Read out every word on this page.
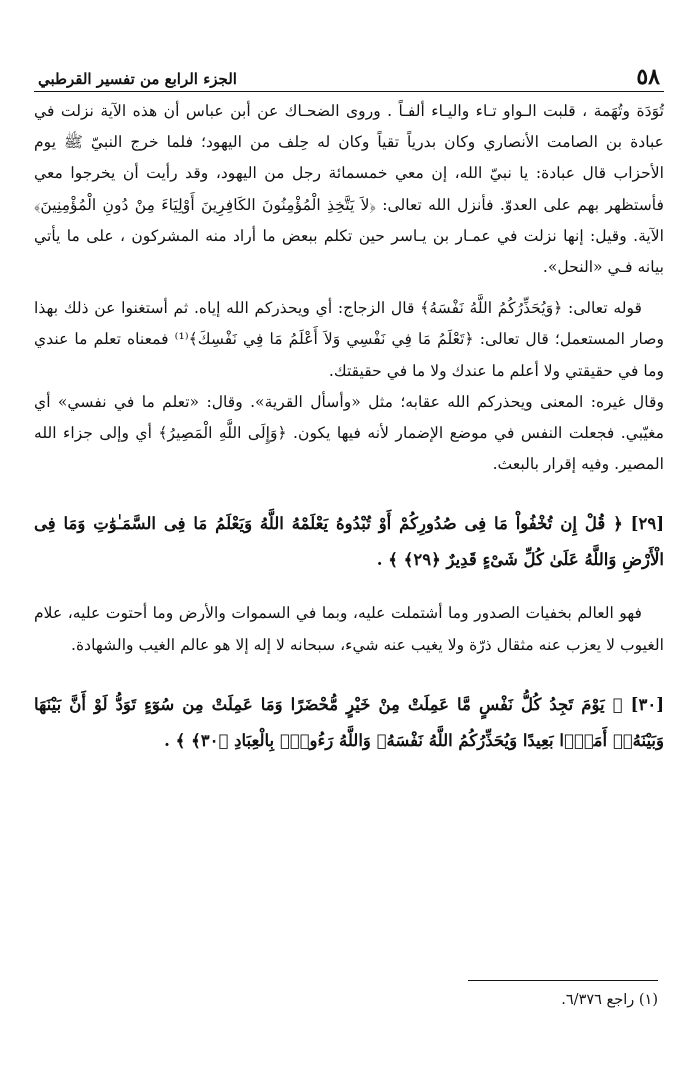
٥٨
الجزء الرابع من تفسير القرطبي

تُوَدَة وتُهَمة ، قلبت الـواو تـاء واليـاء ألفـاً . وروى الضحـاك عن أبن عباس أن هذه الآية نزلت في عبادة بن الصامت الأنصاري وكان بدرياً تقياً وكان له حِلف من اليهود؛ فلما خرج النبيّ ﷺ يوم الأحزاب قال عبادة: يا نبيّ الله، إن معي خمسمائة رجل من اليهود، وقد رأيت أن يخرجوا معي فأستظهر بهم على العدوّ. فأنزل الله تعالى: ﴿لاَ يَتَّخِذِ الْمُؤْمِنُونَ الكَافِرِينَ أَوْلِيَاءَ مِنْ دُونِ الْمُؤْمِنِينَ﴾ الآية. وقيل: إنها نزلت في عمـار بن يـاسر حين تكلم ببعض ما أراد منه المشركون ، على ما يأتي بيانه فـي «النحل».

قوله تعالى: ﴿وَيُحَذِّرُكُمُ اللَّهُ نَفْسَهُ﴾ قال الزجاج: أي ويحذركم الله إياه. ثم أستغنوا عن ذلك بهذا وصار المستعمل؛ قال تعالى: ﴿تَعْلَمُ مَا فِي نَفْسِي وَلاَ أَعْلَمُ مَا فِي نَفْسِكَ﴾⁽¹⁾ فمعناه تعلم ما عندي وما في حقيقتي ولا أعلم ما عندك ولا ما في حقيقتك.

وقال غيره: المعنى ويحذركم الله عقابه؛ مثل «وأسأل القرية». وقال: «تعلم ما في نفسي» أي مغيّبي. فجعلت النفس في موضع الإضمار لأنه فيها يكون. ﴿وَإِلَى اللَّهِ الْمَصِيرُ﴾ أي وإلى جزاء الله المصير. وفيه إقرار بالبعث.

[٢٩] ﴿ قُلْ إِن تُخْفُواْ مَا فِى صُدُورِكُمْ أَوْ تُبْدُوهُ يَعْلَمْهُ اللَّهُ وَيَعْلَمُ مَا فِى السَّمَـٰوَٰتِ وَمَا فِى الْأَرْضِ وَاللَّهُ عَلَىٰ كُلِّ شَىْءٍ قَدِيرٌ ﴿٢٩﴾ ﴾ .

فهو العالم بخفيات الصدور وما أشتملت عليه، وبما في السموات والأرض وما أحتوت عليه، علام الغيوب لا يعزب عنه مثقال ذرّة ولا يغيب عنه شيء، سبحانه لا إله إلا هو عالم الغيب والشهادة.

[٣٠] ﴿ يَوْمَ تَجِدُ كُلُّ نَفْسٍ مَّا عَمِلَتْ مِنْ خَيْرٍ مُّحْضَرًا وَمَا عَمِلَتْ مِن سُوٓءٍ تَوَدُّ لَوْ أَنَّ بَيْنَهَا وَبَيْنَهُۥٓ أَمَدًۢا بَعِيدًا وَيُحَذِّرُكُمُ اللَّهُ نَفْسَهُۥ وَاللَّهُ رَءُوفٌۢ بِالْعِبَادِ ﴿٣٠﴾ ﴾ .
(١) راجع ٦/٣٧٦.
